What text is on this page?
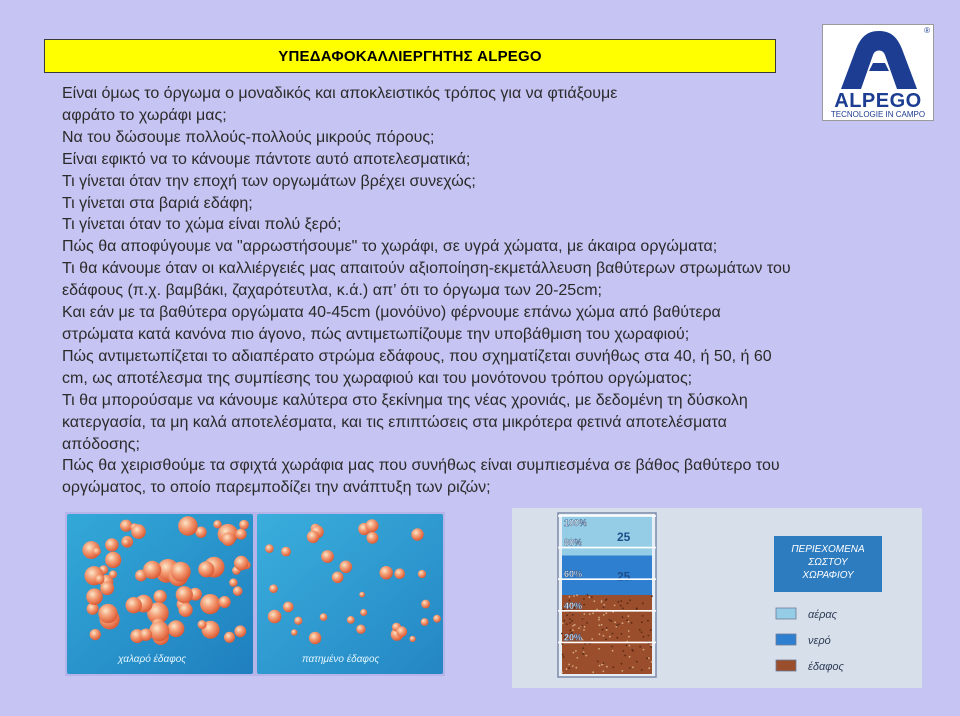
ΥΠΕΔΑΦΟΚΑΛΛΙΕΡΓΗΤΗΣ ALPEGO
®
ALPEGO
TECNOLOGIE IN CAMPO

Είναι όμως το όργωμα ο μοναδικός και αποκλειστικός τρόπος για να φτιάξουμε

αφράτο το χωράφι μας;

Να του δώσουμε πολλούς-πολλούς μικρούς πόρους;

Είναι εφικτό να το κάνουμε πάντοτε αυτό αποτελεσματικά;

Τι γίνεται όταν την εποχή των οργωμάτων βρέχει συνεχώς;

Τι γίνεται στα βαριά εδάφη;

Τι γίνεται όταν το χώμα είναι πολύ ξερό;

Πώς θα αποφύγουμε να "αρρωστήσουμε" το χωράφι, σε υγρά χώματα, με άκαιρα οργώματα;

Τι θα κάνουμε όταν οι καλλιέργειές μας απαιτούν αξιοποίηση-εκμετάλλευση βαθύτερων στρωμάτων του

εδάφους (π.χ. βαμβάκι, ζαχαρότευτλα, κ.ά.) απ’ ότι το όργωμα των 20-25cm;

Και εάν με τα βαθύτερα οργώματα 40-45cm (μονόϋνο) φέρνουμε επάνω χώμα από βαθύτερα

στρώματα κατά κανόνα πιο άγονο, πώς αντιμετωπίζουμε την υποβάθμιση του χωραφιού;

Πώς αντιμετωπίζεται το αδιαπέρατο στρώμα εδάφους, που σχηματίζεται συνήθως στα 40, ή 50, ή 60

cm, ως αποτέλεσμα της συμπίεσης του χωραφιού και του μονότονου τρόπου οργώματος;

Τι θα μπορούσαμε να κάνουμε καλύτερα στο ξεκίνημα της νέας χρονιάς, με δεδομένη τη δύσκολη

κατεργασία, τα μη καλά αποτελέσματα, και τις επιπτώσεις στα μικρότερα φετινά αποτελέσματα

απόδοσης;

Πώς θα χειρισθούμε τα σφιχτά χωράφια μας που συνήθως είναι συμπιεσμένα σε βάθος βαθύτερο του

οργώματος, το οποίο παρεμποδίζει την ανάπτυξη των ριζών;

χαλαρό έδαφος	πατημένο έδαφος
25
25
100%
80%
60%
40%
20%
ΠΕΡΙΕΧΟΜΕΝΑ
ΣΩΣΤΟΥ
ΧΩΡΑΦΙΟΥ
αέρας
νερό
έδαφος
